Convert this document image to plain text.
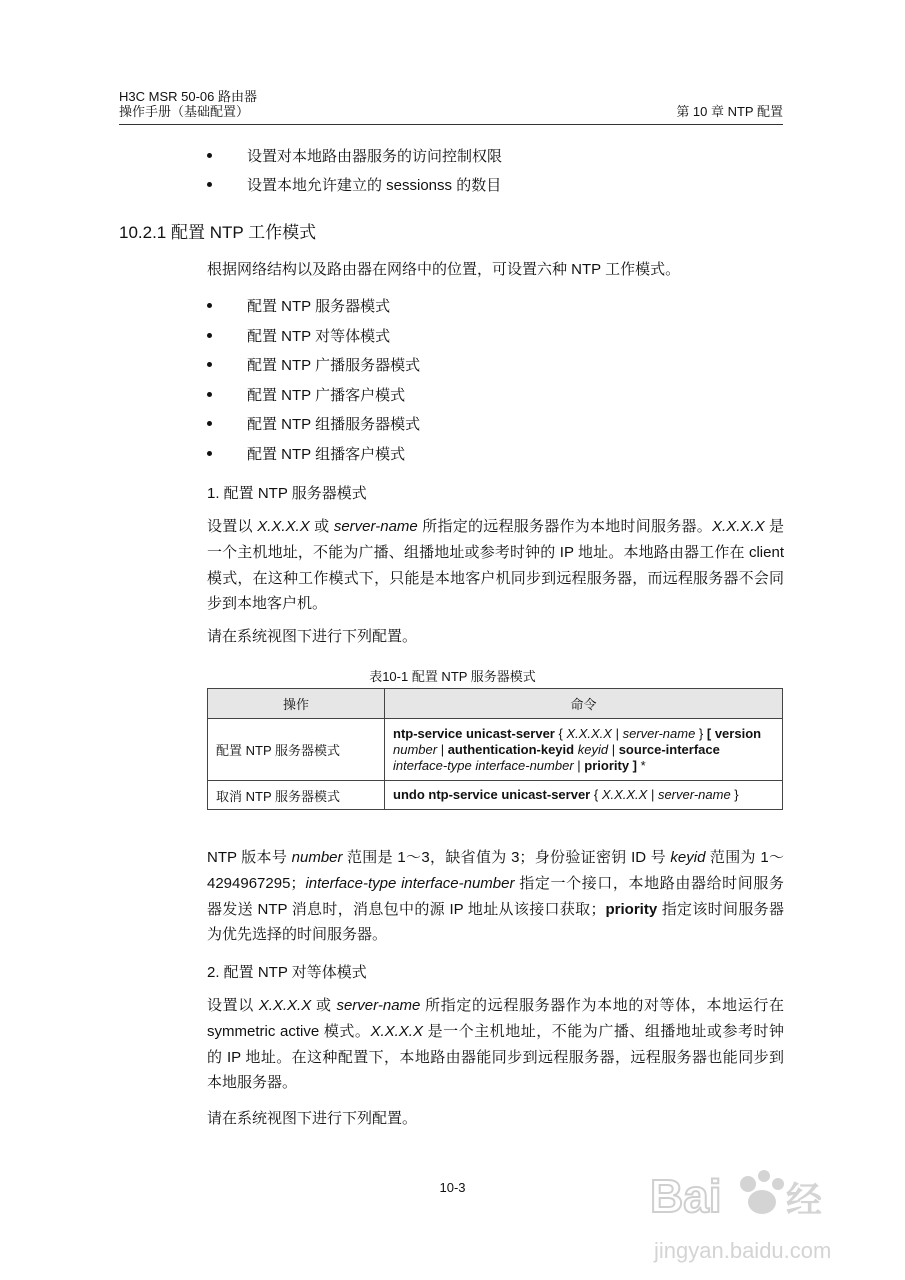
H3C MSR 50-06 路由器
操作手册（基础配置）	第 10 章 NTP 配置
设置对本地路由器服务的访问控制权限
设置本地允许建立的 sessionss 的数目
10.2.1 配置 NTP 工作模式
根据网络结构以及路由器在网络中的位置，可设置六种 NTP 工作模式。
配置 NTP 服务器模式
配置 NTP 对等体模式
配置 NTP 广播服务器模式
配置 NTP 广播客户模式
配置 NTP 组播服务器模式
配置 NTP 组播客户模式
1. 配置 NTP 服务器模式
设置以 X.X.X.X 或 server-name 所指定的远程服务器作为本地时间服务器。X.X.X.X 是一个主机地址，不能为广播、组播地址或参考时钟的 IP 地址。本地路由器工作在 client 模式，在这种工作模式下，只能是本地客户机同步到远程服务器，而远程服务器不会同步到本地客户机。
请在系统视图下进行下列配置。
表10-1 配置 NTP 服务器模式
操作	命令
配置 NTP 服务器模式	ntp-service unicast-server { X.X.X.X | server-name } [ version number | authentication-keyid keyid | source-interface interface-type interface-number | priority ] *
取消 NTP 服务器模式	undo ntp-service unicast-server { X.X.X.X | server-name }
NTP 版本号 number 范围是 1～3，缺省值为 3；身份验证密钥 ID 号 keyid 范围为 1～4294967295；interface-type interface-number 指定一个接口，本地路由器给时间服务器发送 NTP 消息时，消息包中的源 IP 地址从该接口获取；priority 指定该时间服务器为优先选择的时间服务器。
2. 配置 NTP 对等体模式
设置以 X.X.X.X 或 server-name 所指定的远程服务器作为本地的对等体，本地运行在 symmetric active 模式。X.X.X.X 是一个主机地址，不能为广播、组播地址或参考时钟的 IP 地址。在这种配置下，本地路由器能同步到远程服务器，远程服务器也能同步到本地服务器。
请在系统视图下进行下列配置。
10-3	Bai 经
jingyan.baidu.com
